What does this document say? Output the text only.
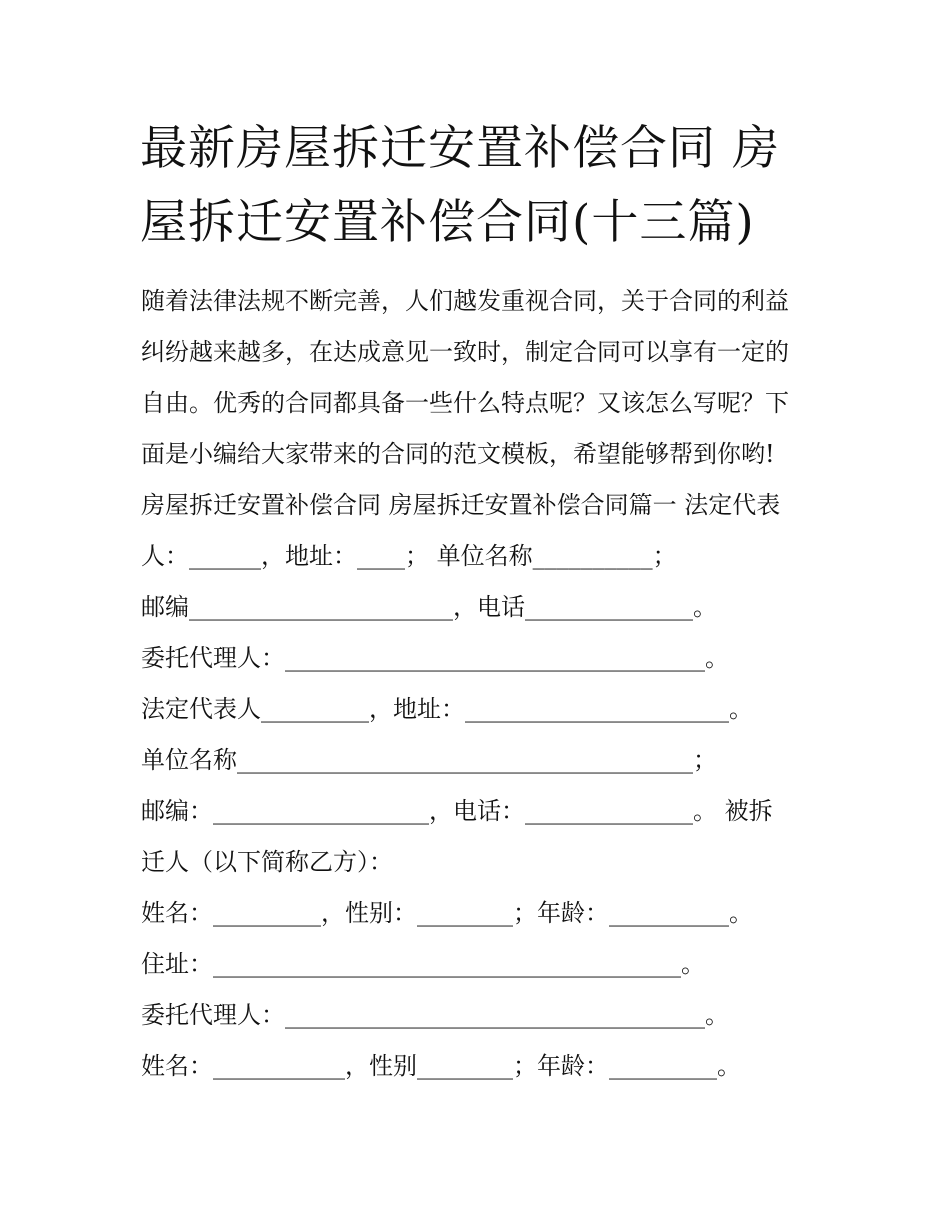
最新房屋拆迁安置补偿合同 房
屋拆迁安置补偿合同(十三篇)
随着法律法规不断完善，人们越发重视合同，关于合同的利益
纠纷越来越多，在达成意见一致时，制定合同可以享有一定的
自由。优秀的合同都具备一些什么特点呢？又该怎么写呢？下
面是小编给大家带来的合同的范文模板，希望能够帮到你哟!
房屋拆迁安置补偿合同 房屋拆迁安置补偿合同篇一 法定代表
人：______，地址：____； 单位名称__________；
邮编______________________，电话______________。
委托代理人：___________________________________。
法定代表人_________，地址：______________________。
单位名称______________________________________；
邮编：__________________，电话：______________。 被拆
迁人（以下简称乙方）：
姓名：_________，性别：________；年龄：__________。
住址：_______________________________________。
委托代理人：___________________________________。
姓名：___________，性别________；年龄：_________。
